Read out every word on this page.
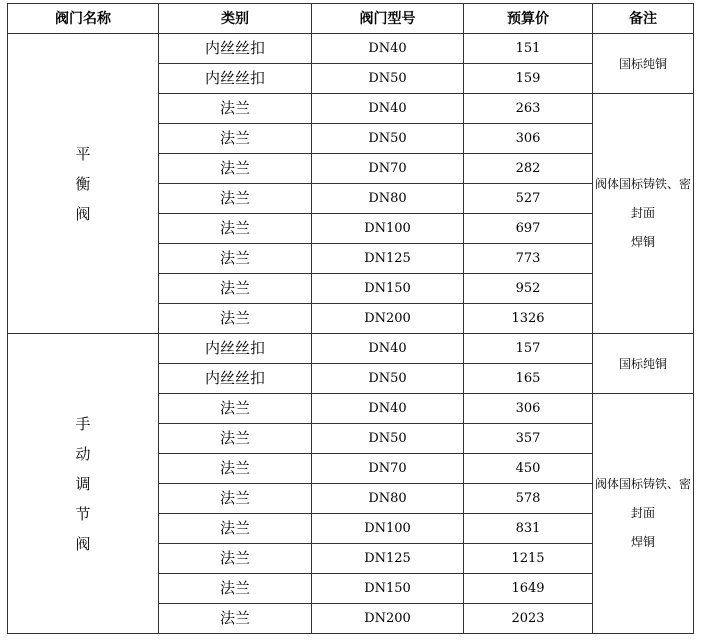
阀门名称	类别	阀门型号	预算价	备注

平
衡
阀	内丝丝扣	DN40	151	国标纯铜
	内丝丝扣	DN50	159	
	法兰	DN40	263	阀体国标铸铁、密
封面
焊铜

	法兰	DN50	306	
	法兰	DN70	282	
	法兰	DN80	527	
	法兰	DN100	697	
	法兰	DN125	773	
	法兰	DN150	952	
	法兰	DN200	1326	

手
动
调
节
阀	内丝丝扣	DN40	157	国标纯铜
	内丝丝扣	DN50	165	
	法兰	DN40	306	阀体国标铸铁、密
封面
焊铜

	法兰	DN50	357	
	法兰	DN70	450	
	法兰	DN80	578	
	法兰	DN100	831	
	法兰	DN125	1215	
	法兰	DN150	1649	
	法兰	DN200	2023	
